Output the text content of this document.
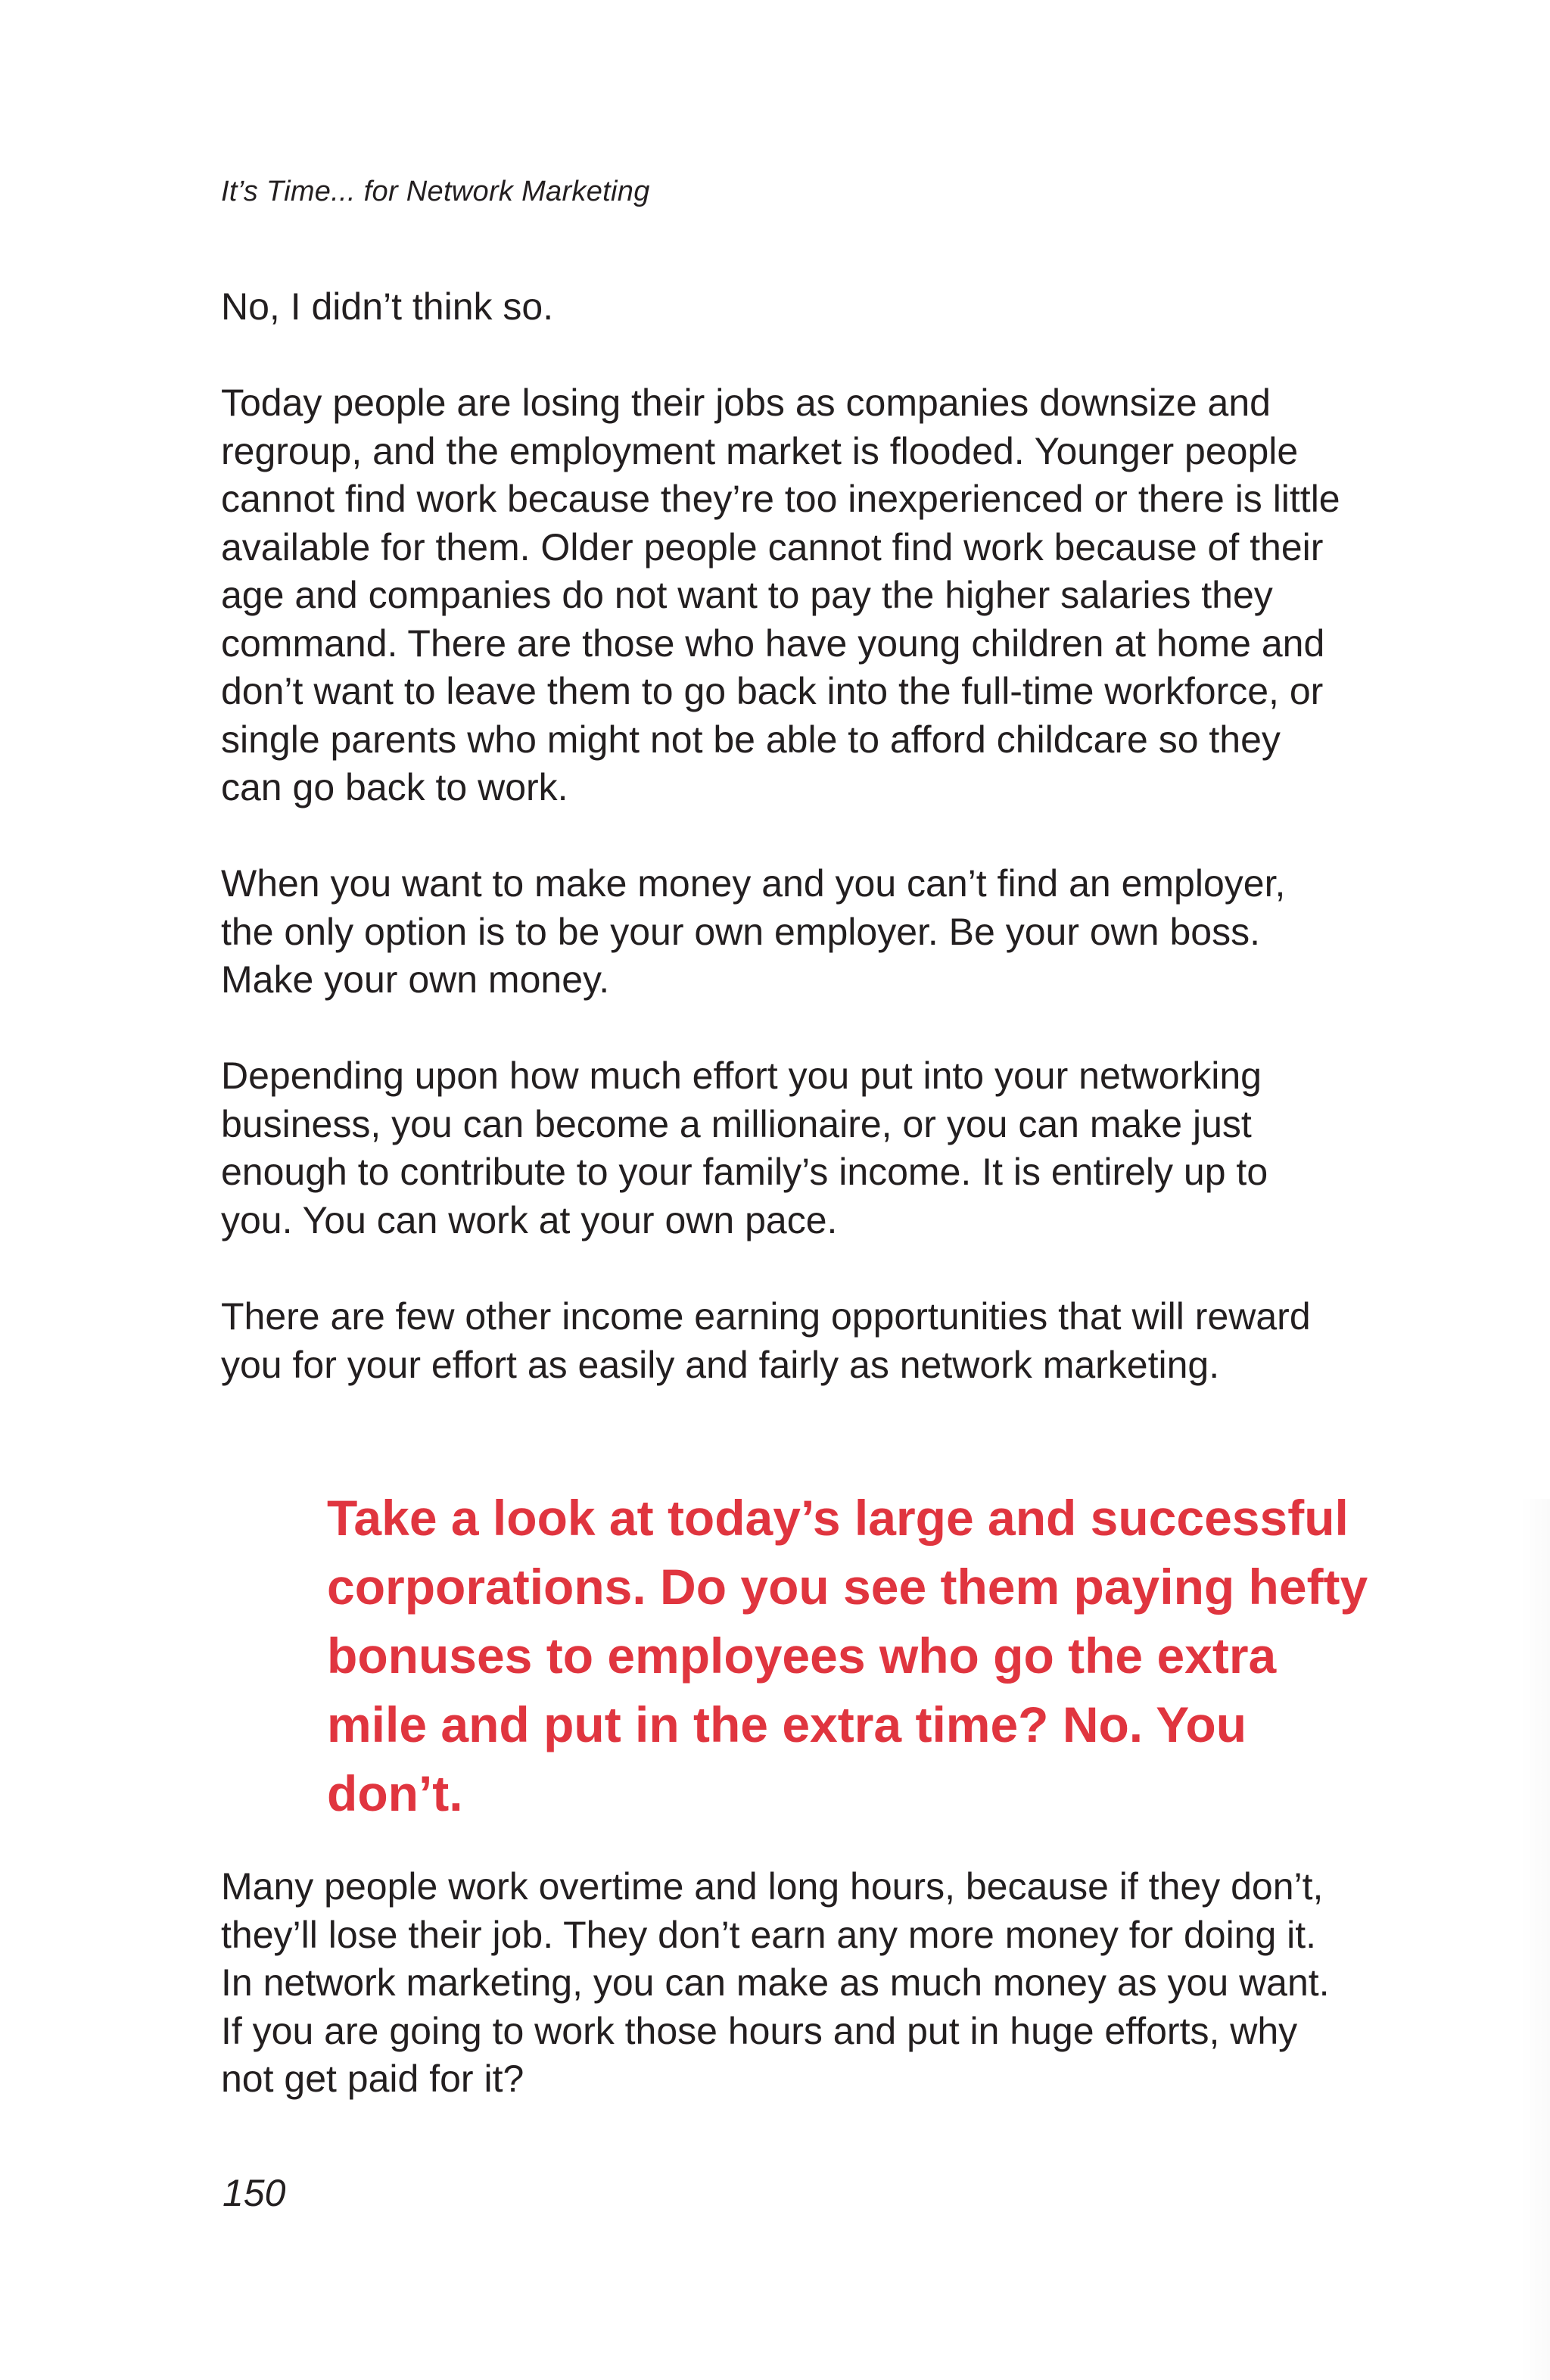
It’s Time... for Network Marketing

No, I didn’t think so.

Today people are losing their jobs as companies downsize and regroup, and the employment market is flooded. Younger people cannot find work because they’re too inexperienced or there is little available for them. Older people cannot find work because of their age and companies do not want to pay the higher salaries they command. There are those who have young children at home and don’t want to leave them to go back into the full-time workforce, or single parents who might not be able to afford childcare so they can go back to work.

When you want to make money and you can’t find an employer, the only option is to be your own employer. Be your own boss. Make your own money.

Depending upon how much effort you put into your networking business, you can become a millionaire, or you can make just enough to contribute to your family’s income. It is entirely up to you. You can work at your own pace.

There are few other income earning opportunities that will reward you for your effort as easily and fairly as network marketing.

Take a look at today’s large and successful corporations. Do you see them paying hefty bonuses to employees who go the extra mile and put in the extra time? No. You don’t.

Many people work overtime and long hours, because if they don’t, they’ll lose their job. They don’t earn any more money for doing it. In network marketing, you can make as much money as you want. If you are going to work those hours and put in huge efforts, why not get paid for it?

150
